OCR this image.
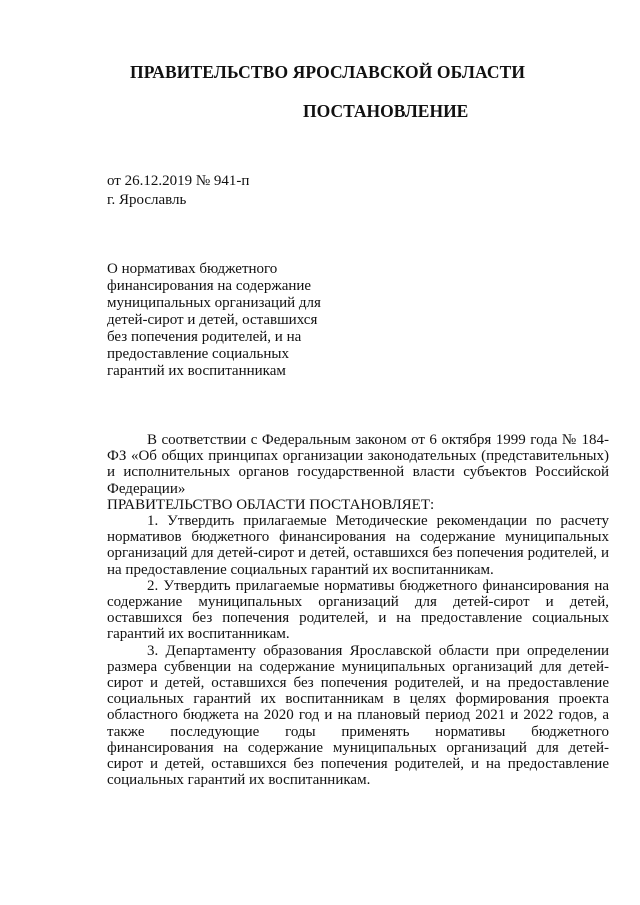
ПРАВИТЕЛЬСТВО ЯРОСЛАВСКОЙ ОБЛАСТИ
ПОСТАНОВЛЕНИЕ
от 26.12.2019 № 941-п
г. Ярославль
О нормативах бюджетного
финансирования на содержание
муниципальных организаций для
детей-сирот и детей, оставшихся
без попечения родителей, и на
предоставление социальных
гарантий их воспитанникам

В соответствии с Федеральным законом от 6 октября 1999 года № 184-ФЗ «Об общих принципах организации законодательных (представительных) и исполнительных органов государственной власти субъектов Российской Федерации»

ПРАВИТЕЛЬСТВО ОБЛАСТИ ПОСТАНОВЛЯЕТ:

1. Утвердить прилагаемые Методические рекомендации по расчету нормативов бюджетного финансирования на содержание муниципальных организаций для детей-сирот и детей, оставшихся без попечения родителей, и на предоставление социальных гарантий их воспитанникам.

2. Утвердить прилагаемые нормативы бюджетного финансирования на содержание муниципальных организаций для детей-сирот и детей, оставшихся без попечения родителей, и на предоставление социальных гарантий их воспитанникам.

3. Департаменту образования Ярославской области при определении размера субвенции на содержание муниципальных организаций для детей-сирот и детей, оставшихся без попечения родителей, и на предоставление социальных гарантий их воспитанникам в целях формирования проекта областного бюджета на 2020 год и на плановый период 2021 и 2022 годов, а также последующие годы применять нормативы бюджетного финансирования на содержание муниципальных организаций для детей-сирот и детей, оставшихся без попечения родителей, и на предоставление социальных гарантий их воспитанникам.
